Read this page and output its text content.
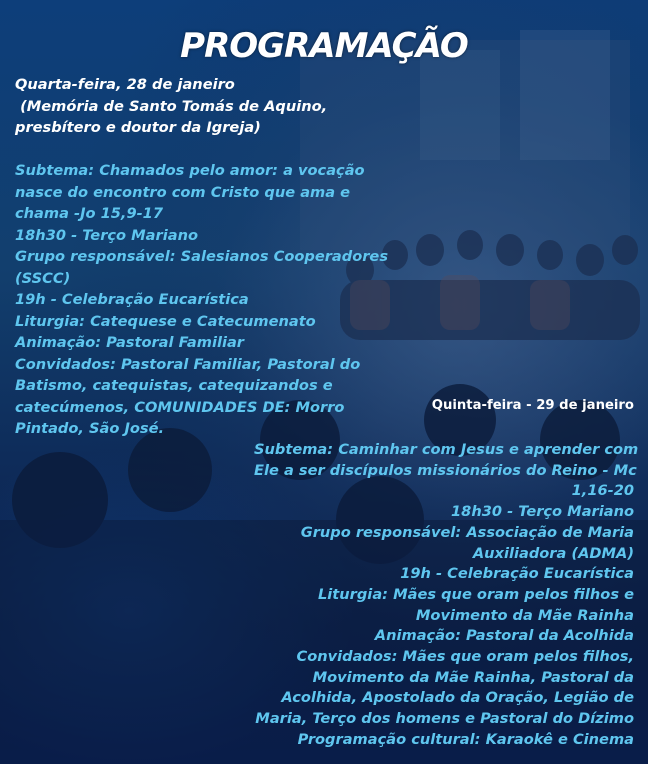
PROGRAMAÇÃO
Quarta-feira, 28 de janeiro
(Memória de Santo Tomás de Aquino,
presbítero e doutor da Igreja)
Subtema: Chamados pelo amor: a vocação
nasce do encontro com Cristo que ama e
chama -Jo 15,9-17
18h30 - Terço Mariano
Grupo responsável: Salesianos Cooperadores
(SSCC)
19h - Celebração Eucarística
Liturgia: Catequese e Catecumenato
Animação: Pastoral Familiar
Convidados: Pastoral Familiar, Pastoral do
Batismo, catequistas, catequizandos e
catecúmenos, COMUNIDADES DE: Morro
Pintado, São José.
Quinta-feira - 29 de janeiro
Subtema: Caminhar com Jesus e aprender com
Ele a ser discípulos missionários do Reino - Mc
1,16-20
18h30 - Terço Mariano
Grupo responsável: Associação de Maria
Auxiliadora (ADMA)
19h - Celebração Eucarística
Liturgia: Mães que oram pelos filhos e
Movimento da Mãe Rainha
Animação: Pastoral da Acolhida
Convidados: Mães que oram pelos filhos,
Movimento da Mãe Rainha, Pastoral da
Acolhida, Apostolado da Oração, Legião de
Maria, Terço dos homens e Pastoral do Dízimo
Programação cultural: Karaokê e Cinema
